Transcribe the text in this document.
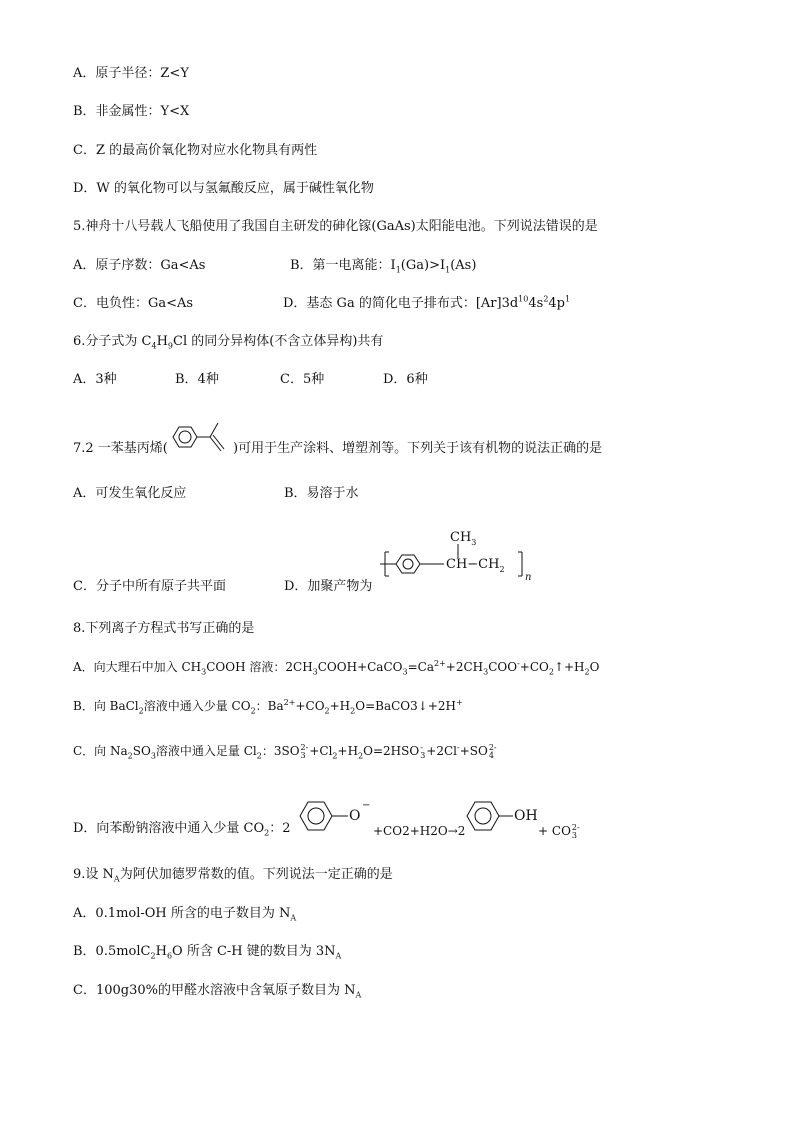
A．原子半径：Z<Y
B．非金属性：Y<X
C．Z 的最高价氧化物对应水化物具有两性
D．W 的氧化物可以与氢氟酸反应，属于碱性氧化物
5.神舟十八号载人飞船使用了我国自主研发的砷化镓(GaAs)太阳能电池。下列说法错误的是
A．原子序数：Ga<As	B．第一电离能：$I_1(Ga)>I_1(As)$
C．电负性：Ga<As	D．基态 Ga 的简化电子排布式：$[Ar]3d^{10}4s^24p^1$
6.分子式为 $C_4H_9Cl$ 的同分异构体(不含立体异构)共有
A．3种	B．4种	C．5种	D．6种
7.2 一苯基丙烯(	)可用于生产涂料、增塑剂等。下列关于该有机物的说法正确的是
A．可发生氧化反应	B．易溶于水
C．分子中所有原子共平面	D．加聚产物为
$CH_3$
$CH-CH_2$
n
8.下列离子方程式书写正确的是
A．向大理石中加入 $CH_3COOH$ 溶液：$2CH_3COOH+CaCO_3=Ca^{2+}+2CH_3COO^-+CO_2↑+H_2O$
B．向 BaCl$_2$溶液中通入少量 $CO_2$：$Ba^{2+}+CO_2+H_2O=BaCO3↓+2H^+$
C．向 $Na_2SO_3$溶液中通入足量 $Cl_2$：3SO 2-
$3 +Cl_2+H_2O=2HSO$ -
3 +2Cl-+SO 2-
4
D．向苯酚钠溶液中通入少量 $CO_2$：2
O
−
+CO2+H2O→2
OH
+ CO 2-
3
9.设 $N_A$为阿伏加德罗常数的值。下列说法一定正确的是
A．0.1mol-OH 所含的电子数目为 $N_A$
B．$0.5molC_2H_6O$ 所含 C-H 键的数目为 $3N_A$
C．100g30%的甲醛水溶液中含氧原子数目为 $N_A$
